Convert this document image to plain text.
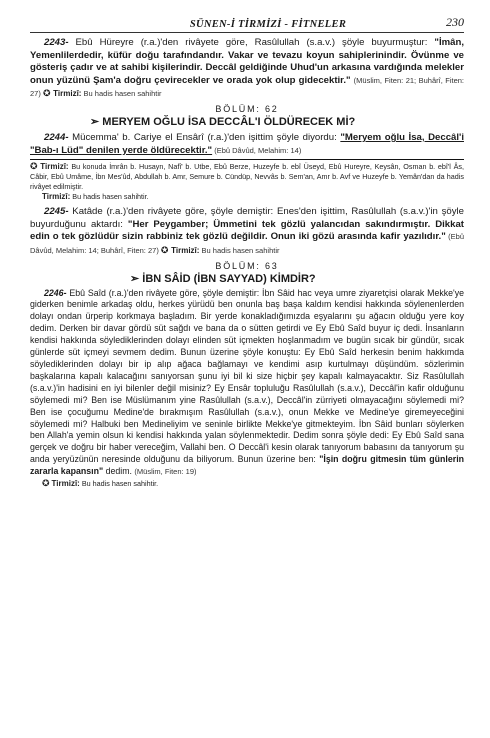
SÜNEN-İ TİRMİZİ - FİTNELER	230

2243- Ebû Hüreyre (r.a.)'den rivâyete göre, Rasûlullah (s.a.v.) şöyle buyurmuştur: "İmân, Yemenlilerdedir, küfür doğu tarafındandır. Vakar ve tevazu koyun sahiplerinindir. Övünme ve gösteriş çadır ve at sahibi kişilerindir. Deccâl geldiğinde Uhud'un arkasına vardığında melekler onun yüzünü Şam'a doğru çevirecekler ve orada yok olup gidecektir." (Müslim, Fiten: 21; Buhârî, Fiten: 27) ✪ Tirmizî: Bu hadis hasen sahihtir

BÖLÜM: 62
➢ MERYEM OĞLU İSA DECCÂL'I ÖLDÜRECEK Mİ?

2244- Mücemma' b. Cariye el Ensârî (r.a.)'den işittim şöyle diyordu: "Meryem oğlu İsa, Deccâl'i "Bab-ı Lüd" denilen yerde öldürecektir." (Ebû Dâvûd, Melahim: 14)

✪ Tirmizî: Bu konuda İmrân b. Husayn, Nafî' b. Utbe, Ebû Berze, Huzeyfe b. ebî Üseyd, Ebû Hureyre, Keysân, Osman b. ebî'l Âs, Câbir, Ebû Umâme, İbn Mes'ûd, Abdullah b. Amr, Semure b. Cündüp, Nevvâs b. Sem'an, Amr b. Avf ve Huzeyfe b. Yemân'dan da hadis rivâyet edilmiştir.

Tirmizî: Bu hadis hasen sahihtir.

2245- Katâde (r.a.)'den rivâyete göre, şöyle demiştir: Enes'den işittim, Rasûlullah (s.a.v.)'in şöyle buyurduğunu aktardı: "Her Peygamber; Ümmetini tek gözlü yalancıdan sakındırmıştır. Dikkat edin o tek gözlüdür sizin rabbiniz tek gözlü değildir. Onun iki gözü arasında kafir yazılıdır." (Ebû Dâvûd, Melahim: 14; Buhârî, Fiten: 27) ✪ Tirmizî: Bu hadis hasen sahihtir

BÖLÜM: 63
➢ İBN SÂİD (İBN SAYYAD) KİMDİR?

2246- Ebû Saîd (r.a.)'den rivâyete göre, şöyle demiştir: İbn Sâid hac veya umre ziyaretçisi olarak Mekke'ye giderken benimle arkadaş oldu, herkes yürüdü ben onunla baş başa kaldım kendisi hakkında söylenenlerden dolayı ondan ürperip korkmaya başladım. Bir yerde konakladığımızda eşyalarını şu ağacın olduğu yere koy dedim. Derken bir davar gördü süt sağdı ve bana da o sütten getirdi ve Ey Ebû Saîd buyur iç dedi. İnsanların kendisi hakkında söylediklerinden dolayı elinden süt içmekten hoşlanmadım ve bugün sıcak bir gündür, sıcak günlerde süt içmeyi sevmem dedim. Bunun üzerine şöyle konuştu: Ey Ebû Saîd herkesin benim hakkımda söylediklerinden dolayı bir ip alıp ağaca bağlamayı ve kendimi asıp kurtulmayı düşündüm. sözlerimin başkalarına kapalı kalacağını sanıyorsan şunu iyi bil ki size hiçbir şey kapalı kalmayacaktır. Siz Rasûlullah (s.a.v.)'in hadisini en iyi bilenler değil misiniz? Ey Ensâr topluluğu Rasûlullah (s.a.v.), Deccâl'in kafir olduğunu söylemedi mi? Ben ise Müslümanım yine Rasûlullah (s.a.v.), Deccâl'in zürriyeti olmayacağını söylemedi mi? Ben ise çocuğumu Medine'de bırakmışım Rasûlullah (s.a.v.), onun Mekke ve Medine'ye giremeyeceğini söylemedi mi? Halbuki ben Medineliyim ve seninle birlikte Mekke'ye gitmekteyim. İbn Sâid bunları söylerken ben Allah'a yemin olsun ki kendisi hakkında yalan söylenmektedir. Dedim sonra şöyle dedi: Ey Ebû Saîd sana gerçek ve doğru bir haber vereceğim, Vallahi ben. O Deccâl'i kesin olarak tanıyorum babasını da tanıyorum şu anda yeryüzünün neresinde olduğunu da biliyorum. Bunun üzerine ben: "İşin doğru gitmesin tüm günlerin zararla kapansın" dedim. (Müslim, Fiten: 19)

✪ Tirmizî: Bu hadis hasen sahihtir.
